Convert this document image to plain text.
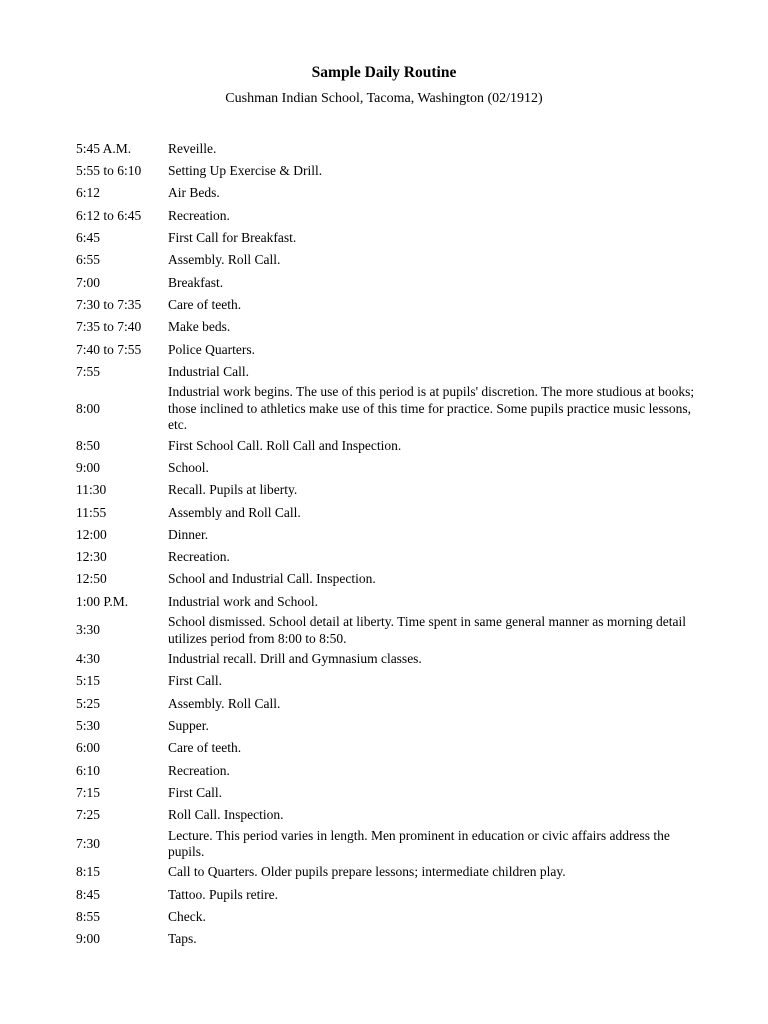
Sample Daily Routine
Cushman Indian School, Tacoma, Washington (02/1912)
5:45 A.M.	Reveille.
5:55 to 6:10	Setting Up Exercise & Drill.
6:12	Air Beds.
6:12 to 6:45	Recreation.
6:45	First Call for Breakfast.
6:55	Assembly. Roll Call.
7:00	Breakfast.
7:30 to 7:35	Care of teeth.
7:35 to 7:40	Make beds.
7:40 to 7:55	Police Quarters.
7:55	Industrial Call.
8:00
Industrial work begins. The use of this period is at pupils' discretion. The more studious at books; those inclined to athletics make use of this time for practice. Some pupils practice music lessons, etc.
8:50	First School Call. Roll Call and Inspection.
9:00	School.
11:30	Recall. Pupils at liberty.
11:55	Assembly and Roll Call.
12:00	Dinner.
12:30	Recreation.
12:50	School and Industrial Call. Inspection.
1:00 P.M.	Industrial work and School.
3:30
School dismissed. School detail at liberty. Time spent in same general manner as morning detail utilizes period from 8:00 to 8:50.
4:30	Industrial recall. Drill and Gymnasium classes.
5:15	First Call.
5:25	Assembly. Roll Call.
5:30	Supper.
6:00	Care of teeth.
6:10	Recreation.
7:15	First Call.
7:25	Roll Call. Inspection.
7:30
Lecture. This period varies in length. Men prominent in education or civic affairs address the pupils.
8:15	Call to Quarters. Older pupils prepare lessons; intermediate children play.
8:45	Tattoo. Pupils retire.
8:55	Check.
9:00	Taps.
